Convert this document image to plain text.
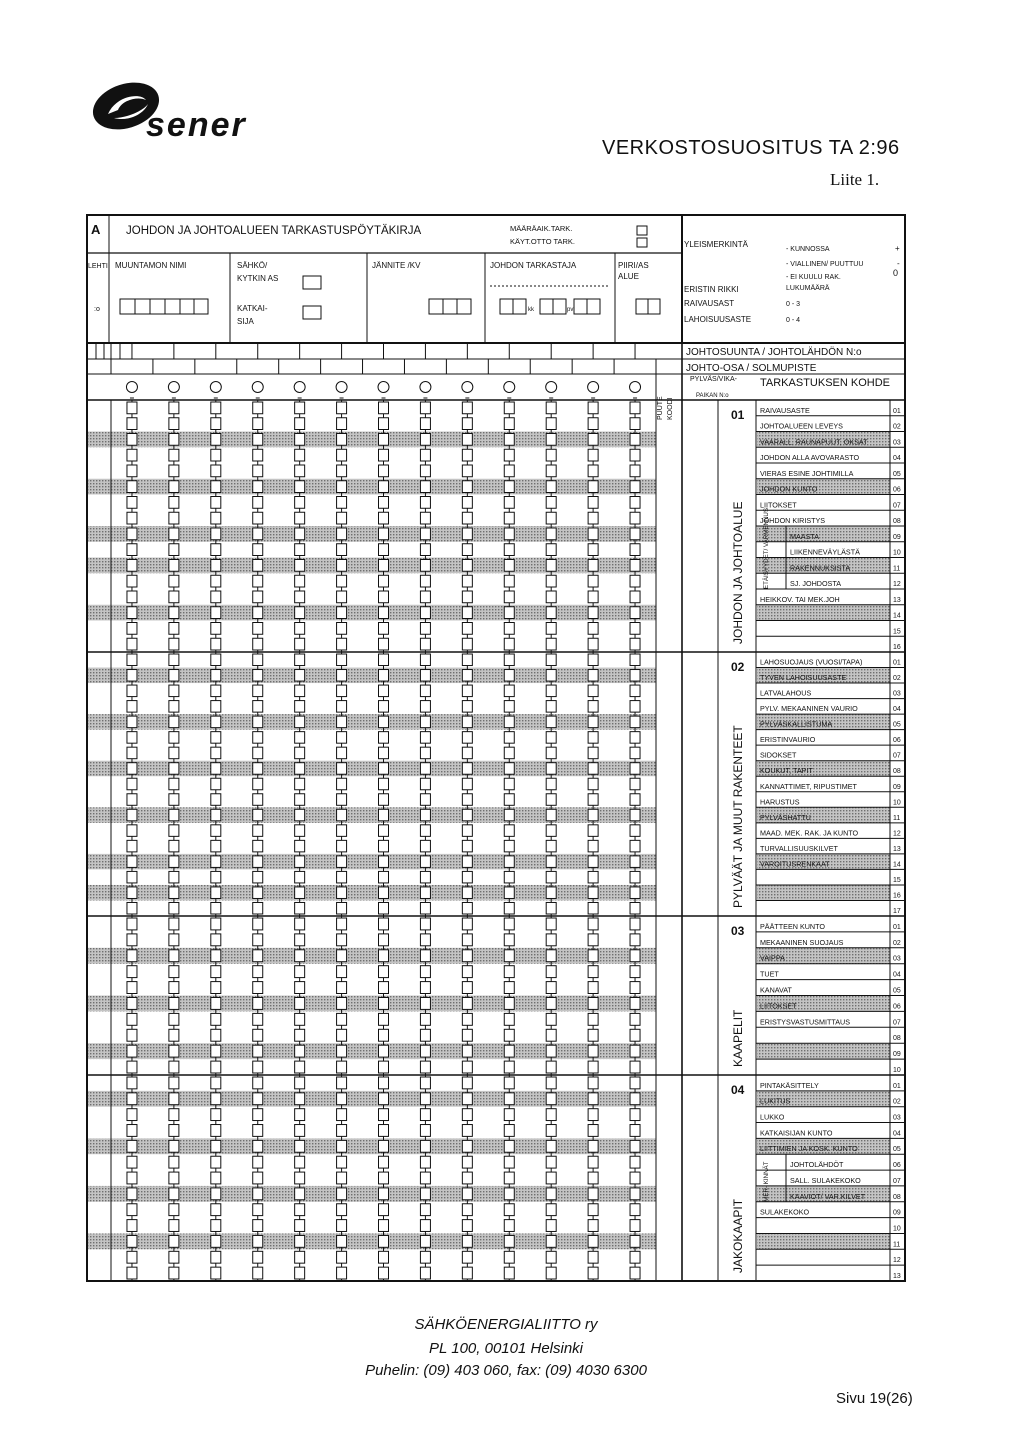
sener
VERKOSTOSUOSITUS TA 2:96
Liite 1.
A JOHDON JA JOHTOALUEEN TARKASTUSPÖYTÄKIRJA	MÄÄRÄAIK.TARK.
KÄYT.OTTO TARK.
LEHTI MUUNTAMON NIMI	SÄHKÖ/
KYTKIN AS
KATKAI-
SIJA
JÄNNITE /KV	JOHDON TARKASTAJA	PIIRI/AS
ALUE
:o	kk	pv
YLEISMERKINTÄ
- KUNNOSSA	+
- VIALLINEN/ PUUTTUU	-
- EI KUULU RAK.	0
ERISTIN RIKKI	LUKUMÄÄRÄ
RAIVAUSAST	0 - 3
LAHOISUUSASTE	0 - 4
JOHTOSUUNTA / JOHTOLÄHDÖN N:o
JOHTO-OSA / SOLMUPISTE
PUUTE KOODI
PYLVÄS/VIKA-
PAIKAN N:o
TARKASTUKSEN KOHDE
RAIVAUSASTE	01
JOHTOALUEEN LEVEYS	02
VAARALL. RAUNAPUUT, OKSAT	03
JOHDON ALLA AVOVARASTO	04
VIERAS ESINE JOHTIMILLA	05
JOHDON KUNTO	06
LIITOKSET	07
JOHDON KIRISTYS	08
MAASTA	09
LIIKENNEVÄYLÄSTÄ	10
RAKENNUKSISTA	11
SJ. JOHDOSTA	12
HEIKKOV. TAI MEK.JOH	13
14
15
16
ETÄISYYDET/ VARMENNUS
01
JOHDON JA JOHTOALUE
LAHOSUOJAUS (VUOSI/TAPA)	01
TYVEN LAHOISUUSASTE	02
LATVALAHOUS	03
PYLV. MEKAANINEN VAURIO	04
PYLVÄSKALLISTUMA	05
ERISTINVAURIO	06
SIDOKSET	07
KOUKUT, TAPIT	08
KANNATTIMET, RIPUSTIMET	09
HARUSTUS	10
PYLVÄSHATTU	11
MAAD. MEK. RAK. JA KUNTO	12
TURVALLISUUSKILVET	13
VAROITUSRENKAAT	14
15
16
17
02
PYLVÄÄT JA MUUT RAKENTEET
PÄÄTTEEN KUNTO	01
MEKAANINEN SUOJAUS	02
VAIPPA	03
TUET	04
KANAVAT	05
LIITOKSET	06
ERISTYSVASTUSMITTAUS	07
08
09
10
03
KAAPELIT
PINTAKÄSITTELY	01
LUKITUS	02
LUKKO	03
KATKAISIJAN KUNTO	04
LIITTIMIEN JA KOSK. KUNTO	05
JOHTOLÄHDÖT	06
SALL. SULAKEKOKO	07
KAAVIOT/ VAR.KILVET	08
SULAKEKOKO	09
10
11
12
13
MER- KINNÄT
04
JAKOKAAPIT
SÄHKÖENERGIALIITTO ry
PL 100, 00101 Helsinki
Puhelin: (09) 403 060, fax: (09) 4030 6300
Sivu 19(26)
